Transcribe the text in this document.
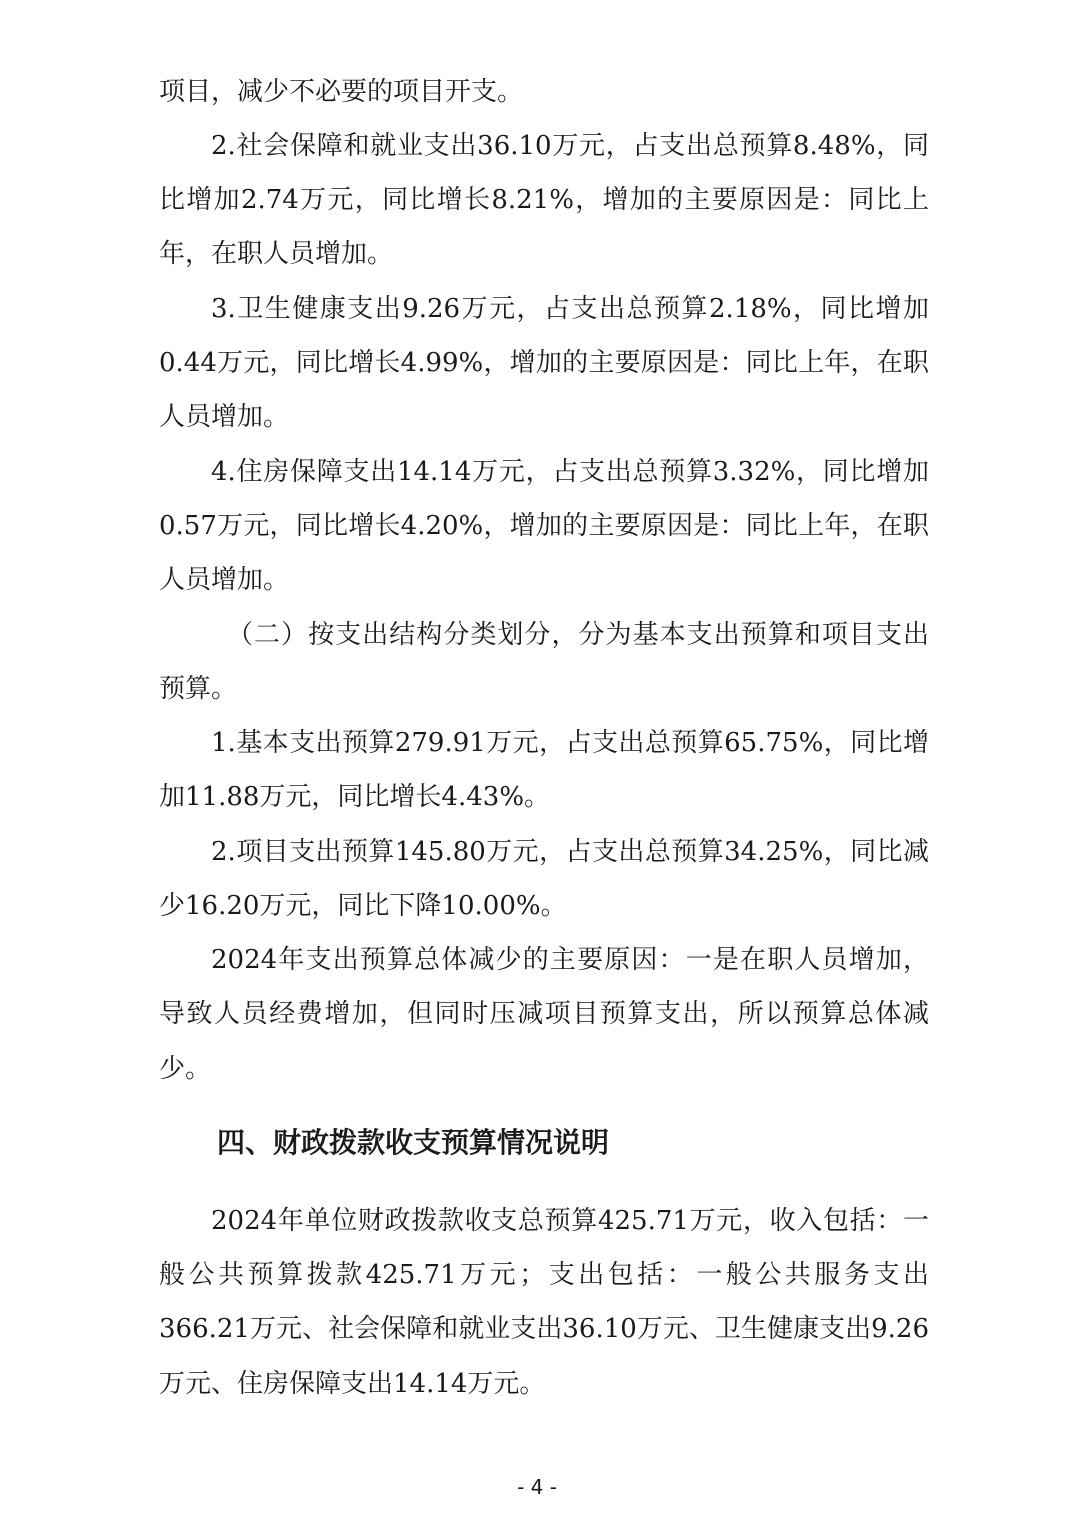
项目，减少不必要的项目开支。
2.社会保障和就业支出36.10万元，占支出总预算8.48%，同
比增加2.74万元，同比增长8.21%，增加的主要原因是：同比上
年，在职人员增加。
3.卫生健康支出9.26万元，占支出总预算2.18%，同比增加
0.44万元，同比增长4.99%，增加的主要原因是：同比上年，在职
人员增加。
4.住房保障支出14.14万元，占支出总预算3.32%，同比增加
0.57万元，同比增长4.20%，增加的主要原因是：同比上年，在职
人员增加。
（二）按支出结构分类划分，分为基本支出预算和项目支出
预算。
1.基本支出预算279.91万元，占支出总预算65.75%，同比增
加11.88万元，同比增长4.43%。
2.项目支出预算145.80万元，占支出总预算34.25%，同比减
少16.20万元，同比下降10.00%。
2024年支出预算总体减少的主要原因：一是在职人员增加，
导致人员经费增加，但同时压减项目预算支出，所以预算总体减
少。
四、财政拨款收支预算情况说明
2024年单位财政拨款收支总预算425.71万元，收入包括：一
般公共预算拨款425.71万元；支出包括：一般公共服务支出
366.21万元、社会保障和就业支出36.10万元、卫生健康支出9.26
万元、住房保障支出14.14万元。
- 4 -
